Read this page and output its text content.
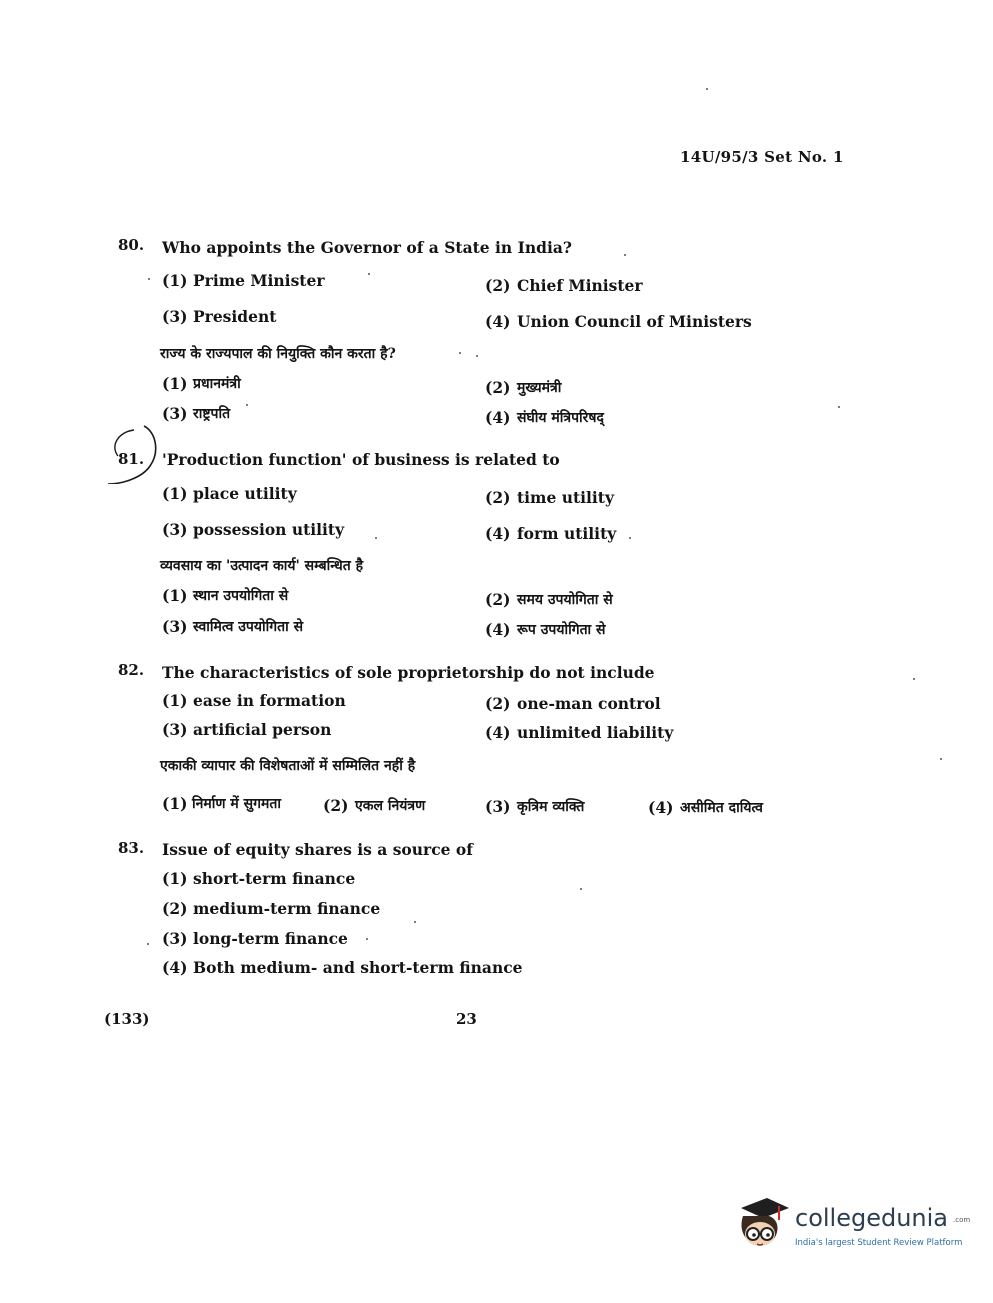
14U/95/3 Set No. 1
80. Who appoints the Governor of a State in India?
(1) Prime Minister	(2) Chief Minister
(3) President	(4) Union Council of Ministers
राज्य के राज्यपाल की नियुक्ति कौन करता है?
(1) प्रधानमंत्री	(2) मुख्यमंत्री
(3) राष्ट्रपति	(4) संघीय मंत्रिपरिषद्
81. 'Production function' of business is related to
(1) place utility	(2) time utility
(3) possession utility	(4) form utility
व्यवसाय का 'उत्पादन कार्य' सम्बन्धित है
(1) स्थान उपयोगिता से	(2) समय उपयोगिता से
(3) स्वामित्व उपयोगिता से	(4) रूप उपयोगिता से
82. The characteristics of sole proprietorship do not include
(1) ease in formation	(2) one-man control
(3) artificial person	(4) unlimited liability
एकाकी व्यापार की विशेषताओं में सम्मिलित नहीं है
(1) निर्माण में सुगमता	(2) एकल नियंत्रण	(3) कृत्रिम व्यक्ति	(4) असीमित दायित्व
83. Issue of equity shares is a source of
(1) short-term finance
(2) medium-term finance
(3) long-term finance
(4) Both medium- and short-term finance
(133)	23
collegedunia .com
India's largest Student Review Platform
